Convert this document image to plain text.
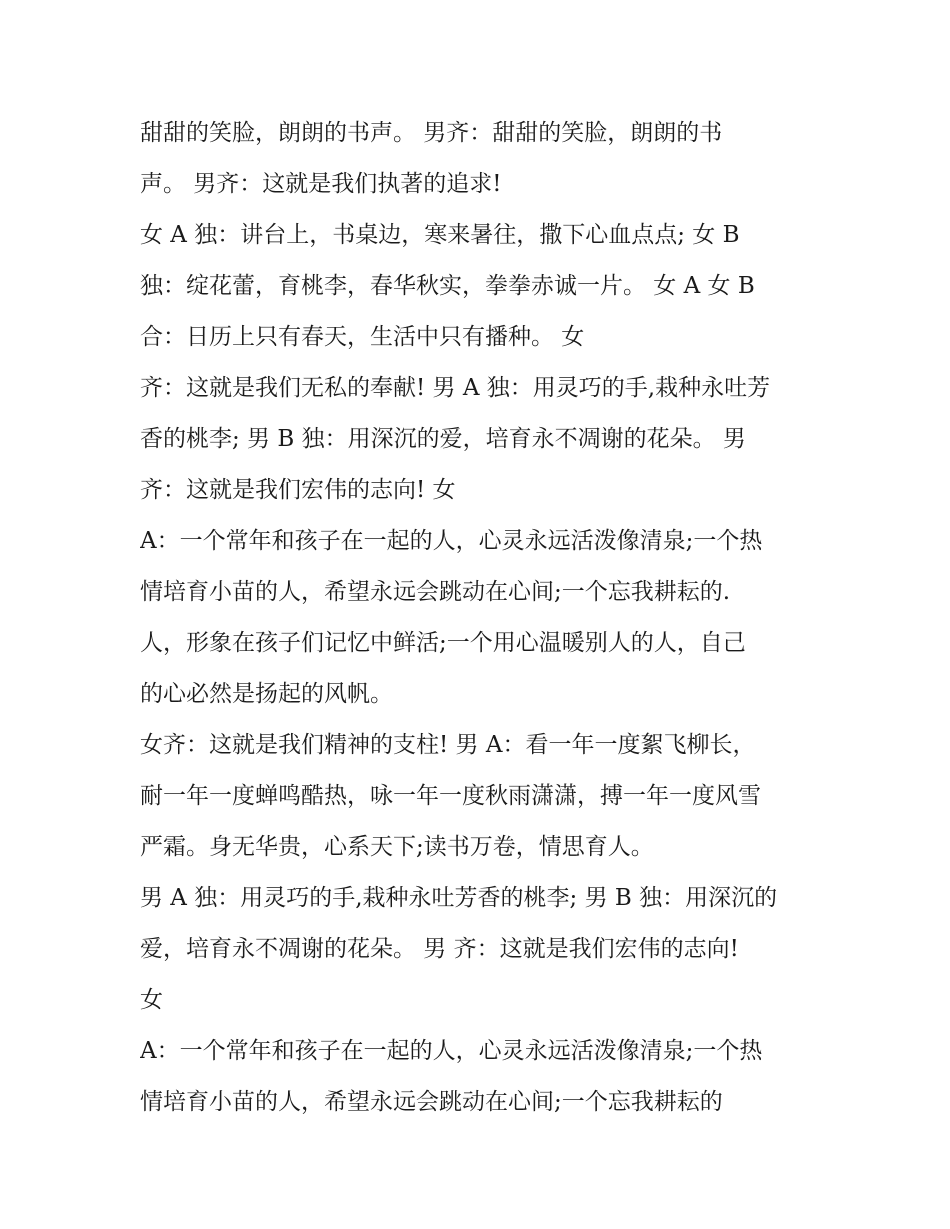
甜甜的笑脸，朗朗的书声。 男齐：甜甜的笑脸，朗朗的书
声。 男齐：这就是我们执著的追求!
女 A 独：讲台上，书桌边，寒来暑往，撒下心血点点; 女 B
独：绽花蕾，育桃李，春华秋实，拳拳赤诚一片。 女 A 女 B
合：日历上只有春天，生活中只有播种。 女
齐：这就是我们无私的奉献! 男 A 独：用灵巧的手,栽种永吐芳
香的桃李; 男 B 独：用深沉的爱，培育永不凋谢的花朵。 男
齐：这就是我们宏伟的志向! 女
A：一个常年和孩子在一起的人，心灵永远活泼像清泉;一个热
情培育小苗的人，希望永远会跳动在心间;一个忘我耕耘的.
人，形象在孩子们记忆中鲜活;一个用心温暖别人的人，自己
的心必然是扬起的风帆。
女齐：这就是我们精神的支柱! 男 A：看一年一度絮飞柳长，
耐一年一度蝉鸣酷热，咏一年一度秋雨潇潇，搏一年一度风雪
严霜。身无华贵，心系天下;读书万卷，情思育人。
男 A 独：用灵巧的手,栽种永吐芳香的桃李; 男 B 独：用深沉的
爱，培育永不凋谢的花朵。 男 齐：这就是我们宏伟的志向!
女
A：一个常年和孩子在一起的人，心灵永远活泼像清泉;一个热
情培育小苗的人，希望永远会跳动在心间;一个忘我耕耘的
